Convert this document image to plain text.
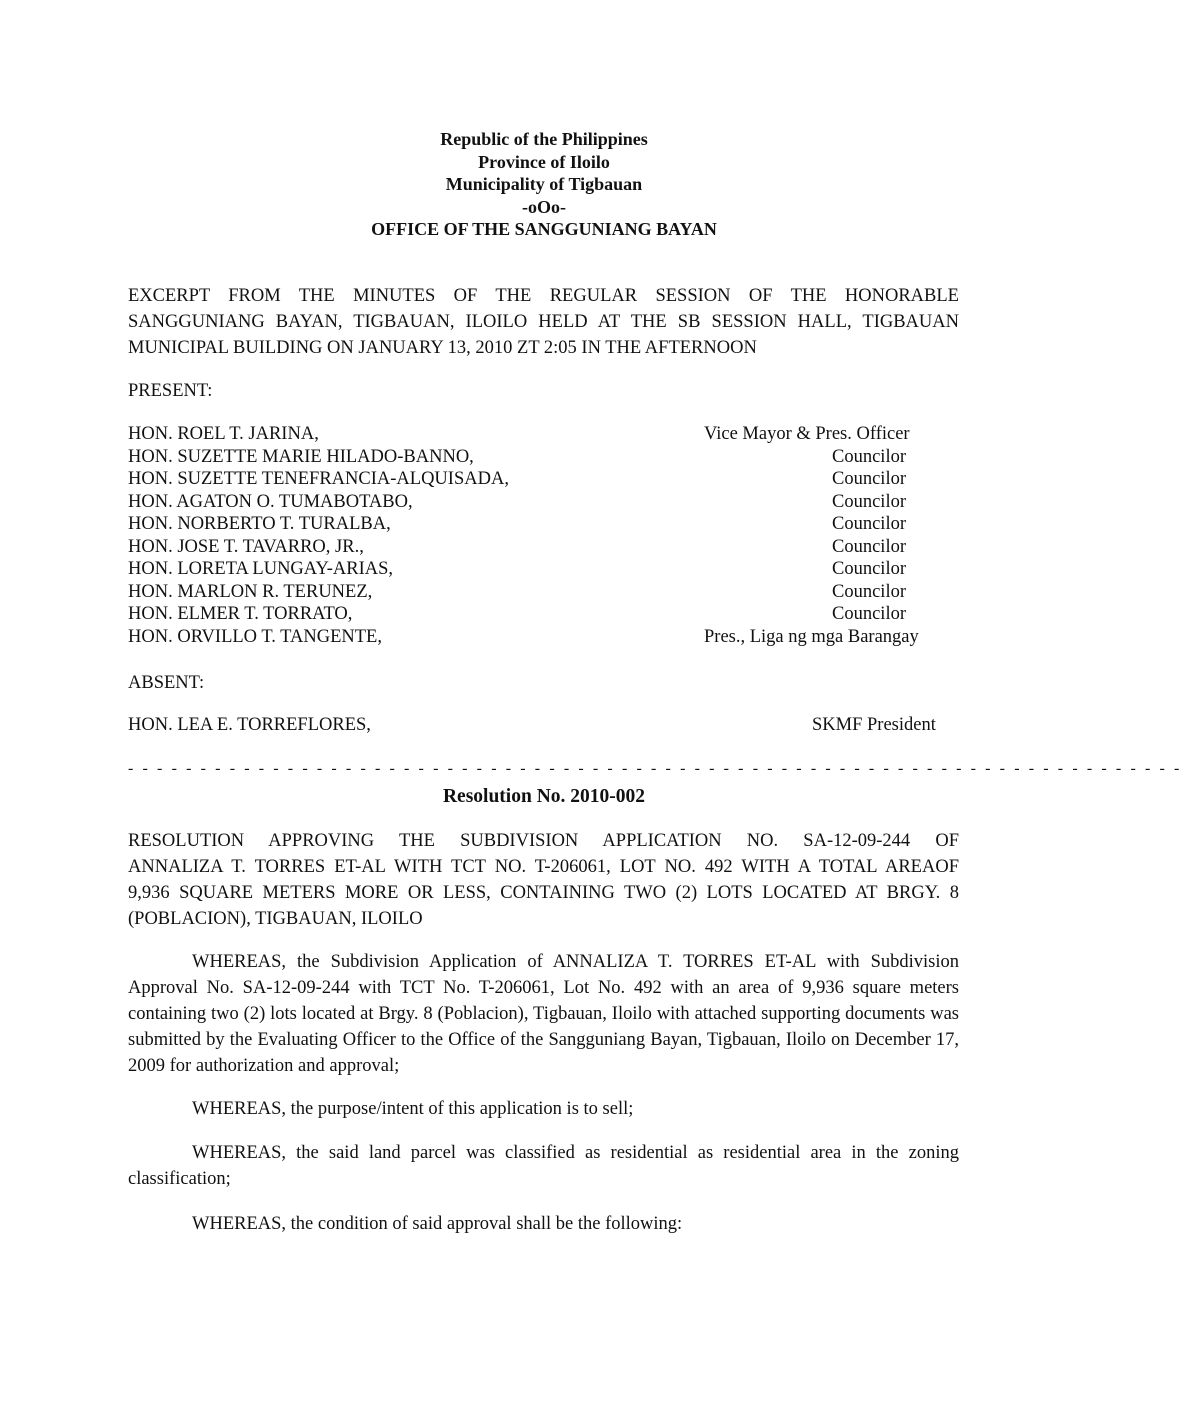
Republic of the Philippines
Province of Iloilo
Municipality of Tigbauan
-oOo-
OFFICE OF THE SANGGUNIANG BAYAN
EXCERPT FROM THE MINUTES OF THE REGULAR SESSION OF THE HONORABLE
SANGGUNIANG BAYAN, TIGBAUAN, ILOILO HELD AT THE SB SESSION HALL, TIGBAUAN
MUNICIPAL BUILDING ON JANUARY 13, 2010 ZT 2:05 IN THE AFTERNOON
PRESENT:
HON. ROEL T. JARINA,	Vice Mayor & Pres. Officer
HON. SUZETTE MARIE HILADO-BANNO,	Councilor
HON. SUZETTE TENEFRANCIA-ALQUISADA,	Councilor
HON. AGATON O. TUMABOTABO,	Councilor
HON. NORBERTO T. TURALBA,	Councilor
HON. JOSE T. TAVARRO, JR.,	Councilor
HON. LORETA LUNGAY-ARIAS,	Councilor
HON. MARLON R. TERUNEZ,	Councilor
HON. ELMER T. TORRATO,	Councilor
HON. ORVILLO T. TANGENTE,	Pres., Liga ng mga Barangay
ABSENT:
HON. LEA E. TORREFLORES,	SKMF President
- - - - - - - - - - - - - - - - - - - - - - - - - - - - - - - - - - - - - - - - - - - - - - - - - - - - - - - - - - - - - - - - - - - - - - - - -
Resolution No. 2010-002
RESOLUTION APPROVING THE SUBDIVISION APPLICATION NO. SA-12-09-244 OF
ANNALIZA T. TORRES ET-AL WITH TCT NO. T-206061, LOT NO. 492 WITH A TOTAL AREAOF
9,936 SQUARE METERS MORE OR LESS, CONTAINING TWO (2) LOTS LOCATED AT BRGY. 8
(POBLACION), TIGBAUAN, ILOILO
WHEREAS, the Subdivision Application of ANNALIZA T. TORRES ET-AL with Subdivision Approval No. SA-12-09-244 with TCT No. T-206061, Lot No. 492 with an area of 9,936 square meters containing two (2) lots located at Brgy. 8 (Poblacion), Tigbauan, Iloilo with attached supporting documents was submitted by the Evaluating Officer to the Office of the Sangguniang Bayan, Tigbauan, Iloilo on December 17, 2009 for authorization and approval;
WHEREAS, the purpose/intent of this application is to sell;
WHEREAS, the said land parcel was classified as residential as residential area in the zoning classification;
WHEREAS, the condition of said approval shall be the following:
